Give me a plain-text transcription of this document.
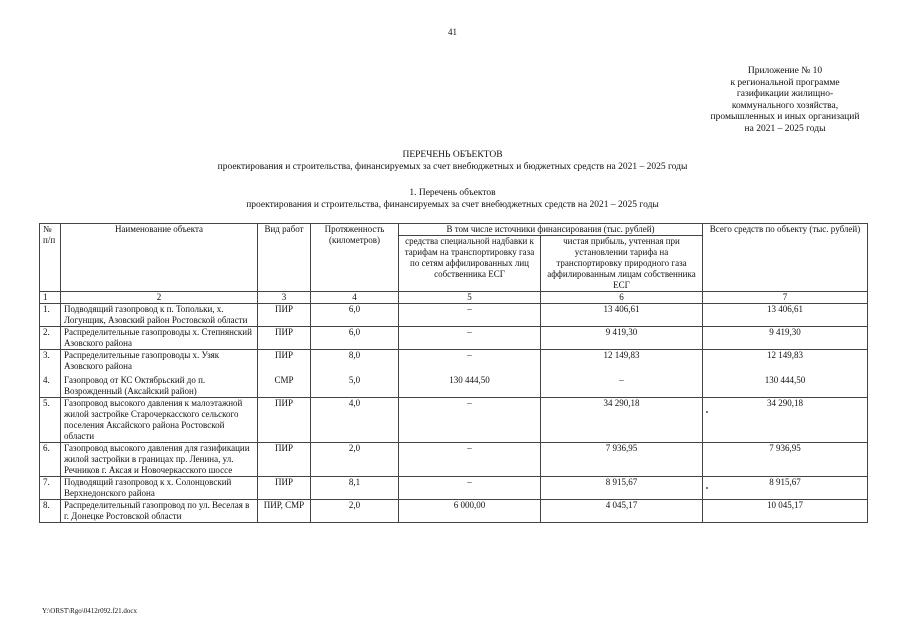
41
Приложение № 10
к региональной программе
газификации жилищно-
коммунального хозяйства,
промышленных и иных организаций
на 2021 – 2025 годы
ПЕРЕЧЕНЬ ОБЪЕКТОВ
проектирования и строительства, финансируемых за счет внебюджетных и бюджетных средств на 2021 – 2025 годы
1. Перечень объектов
проектирования и строительства, финансируемых за счет внебюджетных средств на 2021 – 2025 годы
№ п/п	Наименование объекта	Вид работ	Протяженность (километров)	В том числе источники финансирования (тыс. рублей)		Всего средств по объекту (тыс. рублей)
				средства специальной надбавки к тарифам на транспортировку газа по сетям аффилированных лиц собственника ЕСГ	чистая прибыль, учтенная при установлении тарифа на транспортировку природного газа аффилированным лицам собственника ЕСГ	
1	2	3	4	5	6	7
1.	Подводящий газопровод к п. Топольки, х. Логунщик, Азовский район Ростовской области	ПИР	6,0	–	13 406,61	13 406,61
2.	Распределительные газопроводы х. Степнянский Азовского района	ПИР	6,0	–	9 419,30	9 419,30
3.	Распределительные газопроводы х. Узяк Азовского района	ПИР	8,0	–	12 149,83	12 149,83
4.	Газопровод от КС Октябрьский до п. Возрожденный (Аксайский район)	СМР	5,0	130 444,50	–	130 444,50
5.	Газопровод высокого давления к малоэтажной жилой застройке Старочеркасского сельского поселения Аксайского района Ростовской области	ПИР	4,0	–	34 290,18	34 290,18
6.	Газопровод высокого давления для газификации жилой застройки в границах пр. Ленина, ул. Речников г. Аксая и Новочеркасского шоссе	ПИР	2,0	–	7 936,95	7 936,95
7.	Подводящий газопровод к х. Солонцовский Верхнедонского района	ПИР	8,1	–	8 915,67	8 915,67
8.	Распределительный газопровод по ул. Веселая в г. Донецке Ростовской области	ПИР, СМР	2,0	6 000,00	4 045,17	10 045,17
Y:\ORST\Rgo\0412r092.f21.docx
